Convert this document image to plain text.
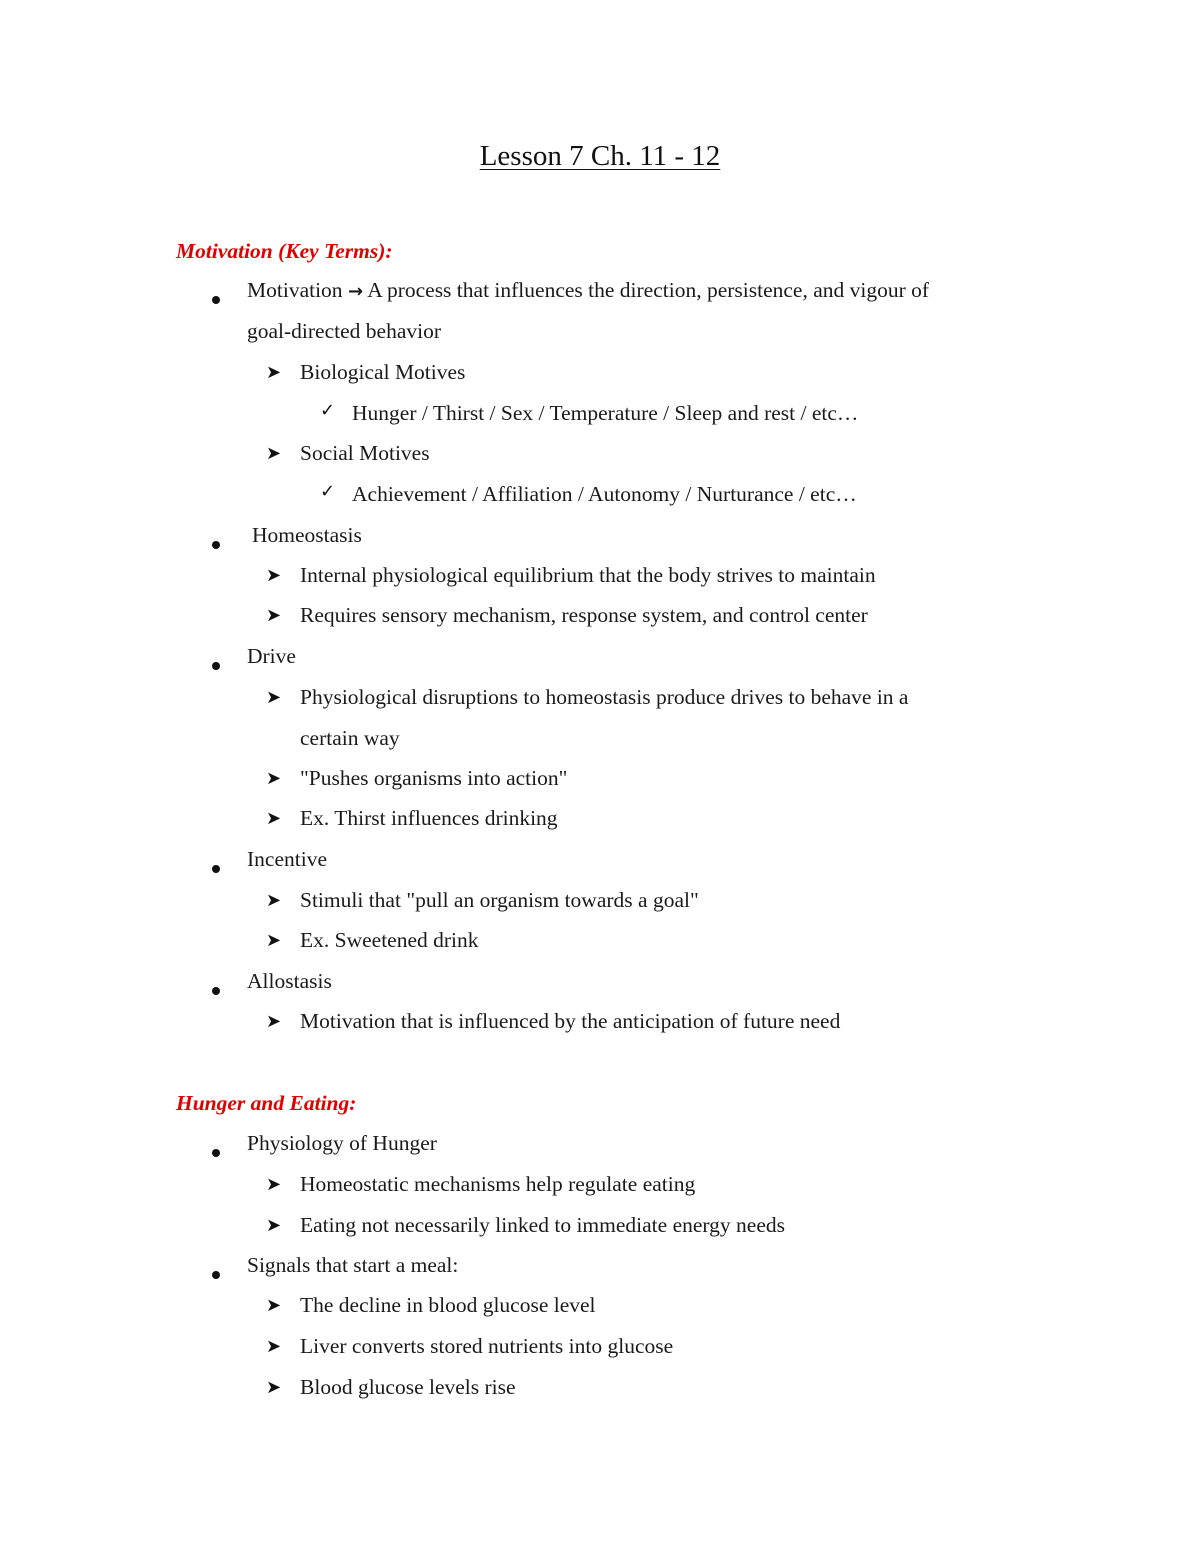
Lesson 7 Ch. 11 - 12
Motivation (Key Terms):
Motivation → A process that influences the direction, persistence, and vigour of
goal-directed behavior
➤ Biological Motives
✓ Hunger / Thirst / Sex / Temperature / Sleep and rest / etc…
➤ Social Motives
✓ Achievement / Affiliation / Autonomy / Nurturance / etc…
Homeostasis
➤ Internal physiological equilibrium that the body strives to maintain
➤ Requires sensory mechanism, response system, and control center
Drive
➤ Physiological disruptions to homeostasis produce drives to behave in a
certain way
➤ "Pushes organisms into action"
➤ Ex. Thirst influences drinking
Incentive
➤ Stimuli that "pull an organism towards a goal"
➤ Ex. Sweetened drink
Allostasis
➤ Motivation that is influenced by the anticipation of future need
Hunger and Eating:
Physiology of Hunger
➤ Homeostatic mechanisms help regulate eating
➤ Eating not necessarily linked to immediate energy needs
Signals that start a meal:
➤ The decline in blood glucose level
➤ Liver converts stored nutrients into glucose
➤ Blood glucose levels rise
